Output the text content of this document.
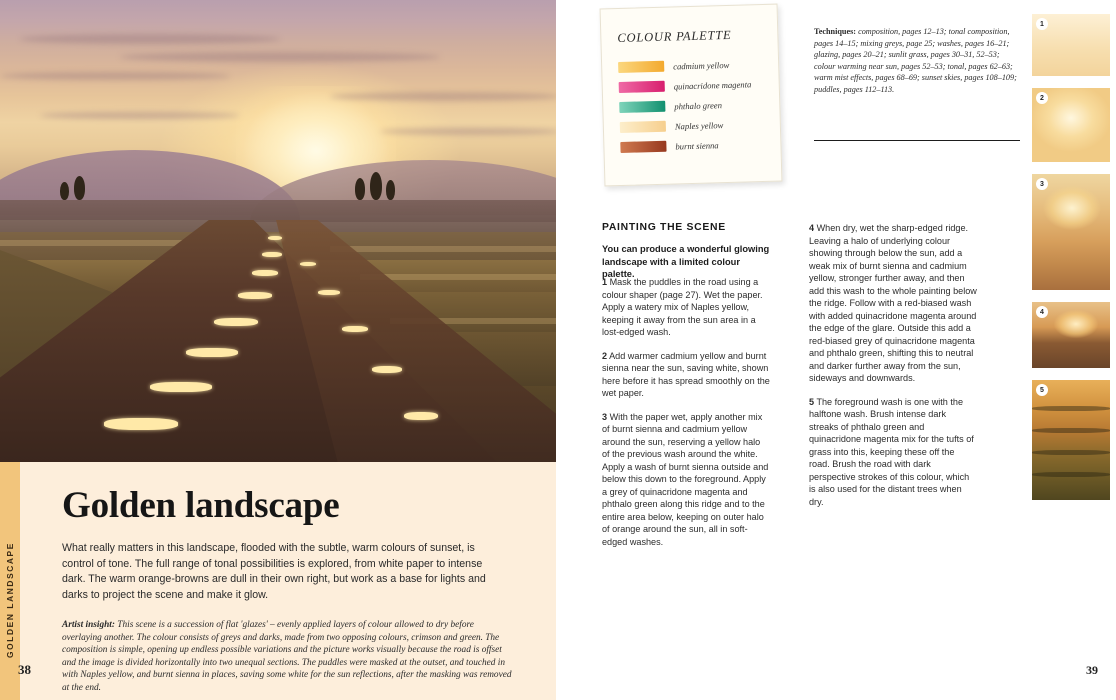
Golden landscape
What really matters in this landscape, flooded with the subtle, warm colours of sunset, is control of tone. The full range of tonal possibilities is explored, from white paper to intense dark. The warm orange-browns are dull in their own right, but work as a base for lights and darks to project the scene and make it glow.
Artist insight: This scene is a succession of flat 'glazes' – evenly applied layers of colour allowed to dry before overlaying another. The colour consists of greys and darks, made from two opposing colours, crimson and green. The composition is simple, opening up endless possible variations and the picture works visually because the road is offset and the image is divided horizontally into two unequal sections. The puddles were masked at the outset, and touched in with Naples yellow, and burnt sienna in places, saving some white for the sun reflections, after the masking was removed at the end.
GOLDEN LANDSCAPE
38
COLOUR PALETTE
cadmium yellow
quinacridone magenta
phthalo green
Naples yellow
burnt sienna
Techniques: composition, pages 12–13; tonal composition, pages 14–15; mixing greys, page 25; washes, pages 16–21; glazing, pages 20–21; sunlit grass, pages 30–31, 52–53; colour warming near sun, pages 52–53; tonal, pages 62–63; warm mist effects, pages 68–69; sunset skies, pages 108–109; puddles, pages 112–113.
PAINTING THE SCENE
You can produce a wonderful glowing landscape with a limited colour palette.

1 Mask the puddles in the road using a colour shaper (page 27). Wet the paper. Apply a watery mix of Naples yellow, keeping it away from the sun area in a lost-edged wash.

2 Add warmer cadmium yellow and burnt sienna near the sun, saving white, shown here before it has spread smoothly on the wet paper.

3 With the paper wet, apply another mix of burnt sienna and cadmium yellow around the sun, reserving a yellow halo of the previous wash around the white. Apply a wash of burnt sienna outside and below this down to the foreground. Apply a grey of quinacridone magenta and phthalo green along this ridge and to the entire area below, keeping on outer halo of orange around the sun, all in soft-edged washes.

4 When dry, wet the sharp-edged ridge. Leaving a halo of underlying colour showing through below the sun, add a weak mix of burnt sienna and cadmium yellow, stronger further away, and then add this wash to the whole painting below the ridge. Follow with a red-biased wash with added quinacridone magenta around the edge of the glare. Outside this add a red-biased grey of quinacridone magenta and phthalo green, shifting this to neutral and darker further away from the sun, sideways and downwards.

5 The foreground wash is one with the halftone wash. Brush intense dark streaks of phthalo green and quinacridone magenta mix for the tufts of grass into this, keeping these off the road. Brush the road with dark perspective strokes of this colour, which is also used for the distant trees when dry.

1
2
3
4
5
39
